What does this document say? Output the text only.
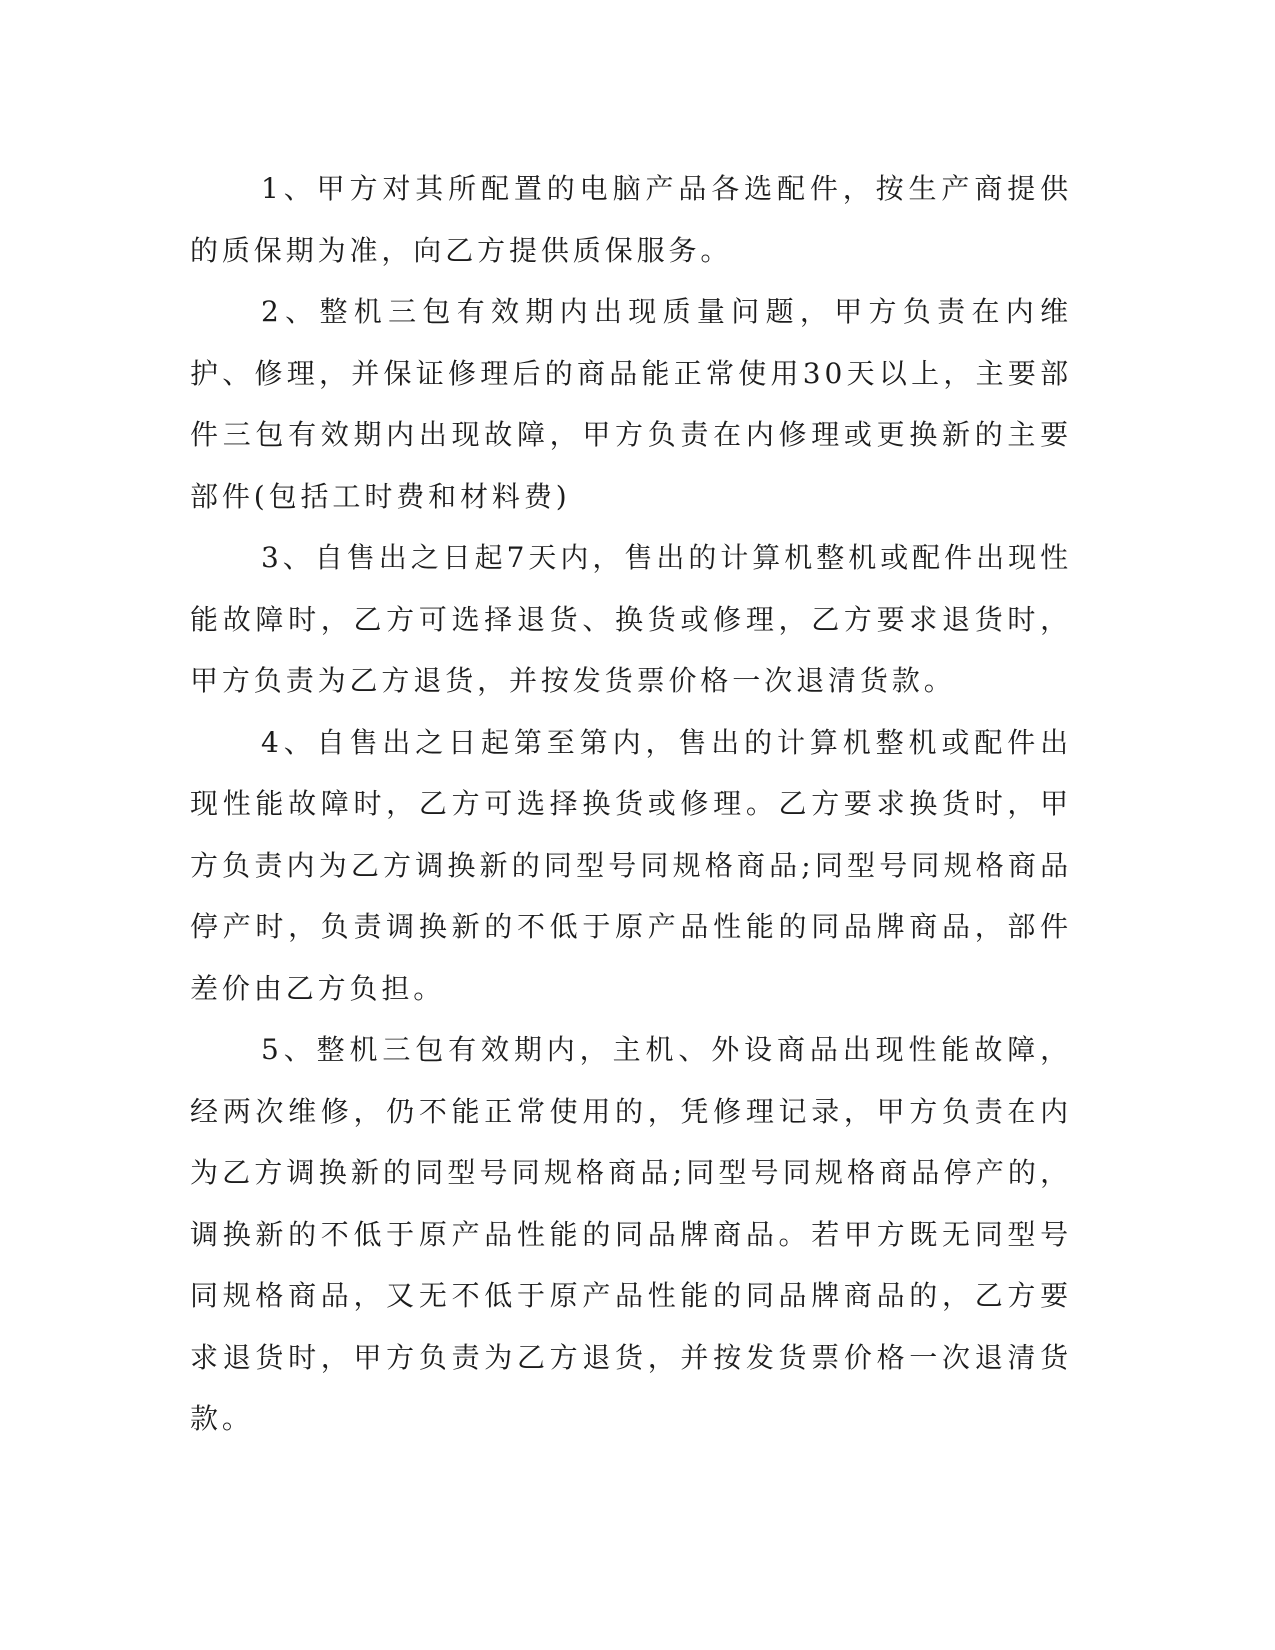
1、甲方对其所配置的电脑产品各选配件，按生产商提供的质保期为准，向乙方提供质保服务。

2、整机三包有效期内出现质量问题，甲方负责在内维护、修理，并保证修理后的商品能正常使用30天以上，主要部件三包有效期内出现故障，甲方负责在内修理或更换新的主要部件(包括工时费和材料费)

3、自售出之日起7天内，售出的计算机整机或配件出现性能故障时，乙方可选择退货、换货或修理，乙方要求退货时，甲方负责为乙方退货，并按发货票价格一次退清货款。

4、自售出之日起第至第内，售出的计算机整机或配件出现性能故障时，乙方可选择换货或修理。乙方要求换货时，甲方负责内为乙方调换新的同型号同规格商品;同型号同规格商品停产时，负责调换新的不低于原产品性能的同品牌商品，部件差价由乙方负担。

5、整机三包有效期内，主机、外设商品出现性能故障，经两次维修，仍不能正常使用的，凭修理记录，甲方负责在内为乙方调换新的同型号同规格商品;同型号同规格商品停产的，调换新的不低于原产品性能的同品牌商品。若甲方既无同型号同规格商品，又无不低于原产品性能的同品牌商品的，乙方要求退货时，甲方负责为乙方退货，并按发货票价格一次退清货款。
